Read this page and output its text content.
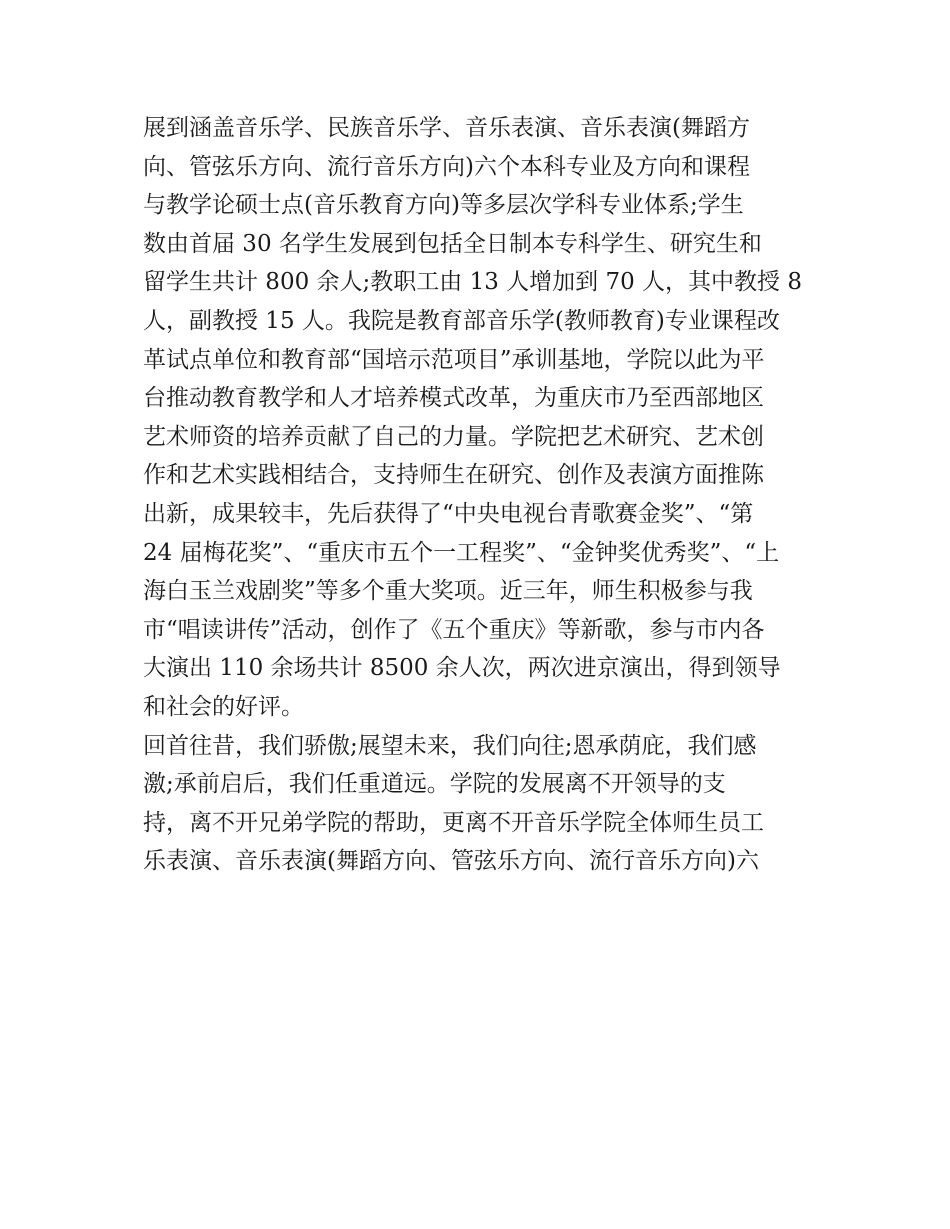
展到涵盖音乐学、民族音乐学、音乐表演、音乐表演(舞蹈方
向、管弦乐方向、流行音乐方向)六个本科专业及方向和课程
与教学论硕士点(音乐教育方向)等多层次学科专业体系;学生
数由首届 30 名学生发展到包括全日制本专科学生、研究生和
留学生共计 800 余人;教职工由 13 人增加到 70 人，其中教授 8
人，副教授 15 人。我院是教育部音乐学(教师教育)专业课程改
革试点单位和教育部“国培示范项目”承训基地，学院以此为平
台推动教育教学和人才培养模式改革，为重庆市乃至西部地区
艺术师资的培养贡献了自己的力量。学院把艺术研究、艺术创
作和艺术实践相结合，支持师生在研究、创作及表演方面推陈
出新，成果较丰，先后获得了“中央电视台青歌赛金奖”、“第
24 届梅花奖”、“重庆市五个一工程奖”、“金钟奖优秀奖”、“上
海白玉兰戏剧奖”等多个重大奖项。近三年，师生积极参与我
市“唱读讲传”活动，创作了《五个重庆》等新歌，参与市内各
大演出 110 余场共计 8500 余人次，两次进京演出，得到领导
和社会的好评。
回首往昔，我们骄傲;展望未来，我们向往;恩承荫庇，我们感
激;承前启后，我们任重道远。学院的发展离不开领导的支
持，离不开兄弟学院的帮助，更离不开音乐学院全体师生员工
乐表演、音乐表演(舞蹈方向、管弦乐方向、流行音乐方向)六
